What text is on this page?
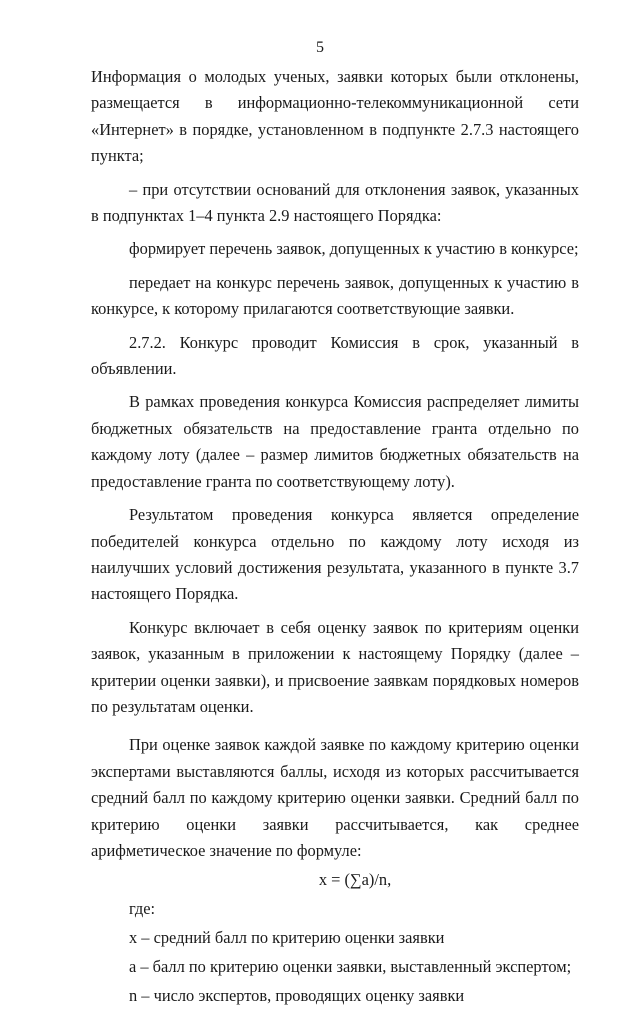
5

Информация о молодых ученых, заявки которых были отклонены, размещается в информационно-телекоммуникационной сети «Интернет» в порядке, установленном в подпункте 2.7.3 настоящего пункта;

– при отсутствии оснований для отклонения заявок, указанных в подпунктах 1–4 пункта 2.9 настоящего Порядка:

формирует перечень заявок, допущенных к участию в конкурсе;

передает на конкурс перечень заявок, допущенных к участию в конкурсе, к которому прилагаются соответствующие заявки.

2.7.2. Конкурс проводит Комиссия в срок, указанный в объявлении.

В рамках проведения конкурса Комиссия распределяет лимиты бюджетных обязательств на предоставление гранта отдельно по каждому лоту (далее – размер лимитов бюджетных обязательств на предоставление гранта по соответствующему лоту).

Результатом проведения конкурса является определение победителей конкурса отдельно по каждому лоту исходя из наилучших условий достижения результата, указанного в пункте 3.7 настоящего Порядка.

Конкурс включает в себя оценку заявок по критериям оценки заявок, указанным в приложении к настоящему Порядку (далее – критерии оценки заявки), и присвоение заявкам порядковых номеров по результатам оценки.

При оценке заявок каждой заявке по каждому критерию оценки экспертами выставляются баллы, исходя из которых рассчитывается средний балл по каждому критерию оценки заявки. Средний балл по критерию оценки заявки рассчитывается, как среднее арифметическое значение по формуле:

x = (∑a)/n,

где:

x – средний балл по критерию оценки заявки

a – балл по критерию оценки заявки, выставленный экспертом;

n – число экспертов, проводящих оценку заявки
